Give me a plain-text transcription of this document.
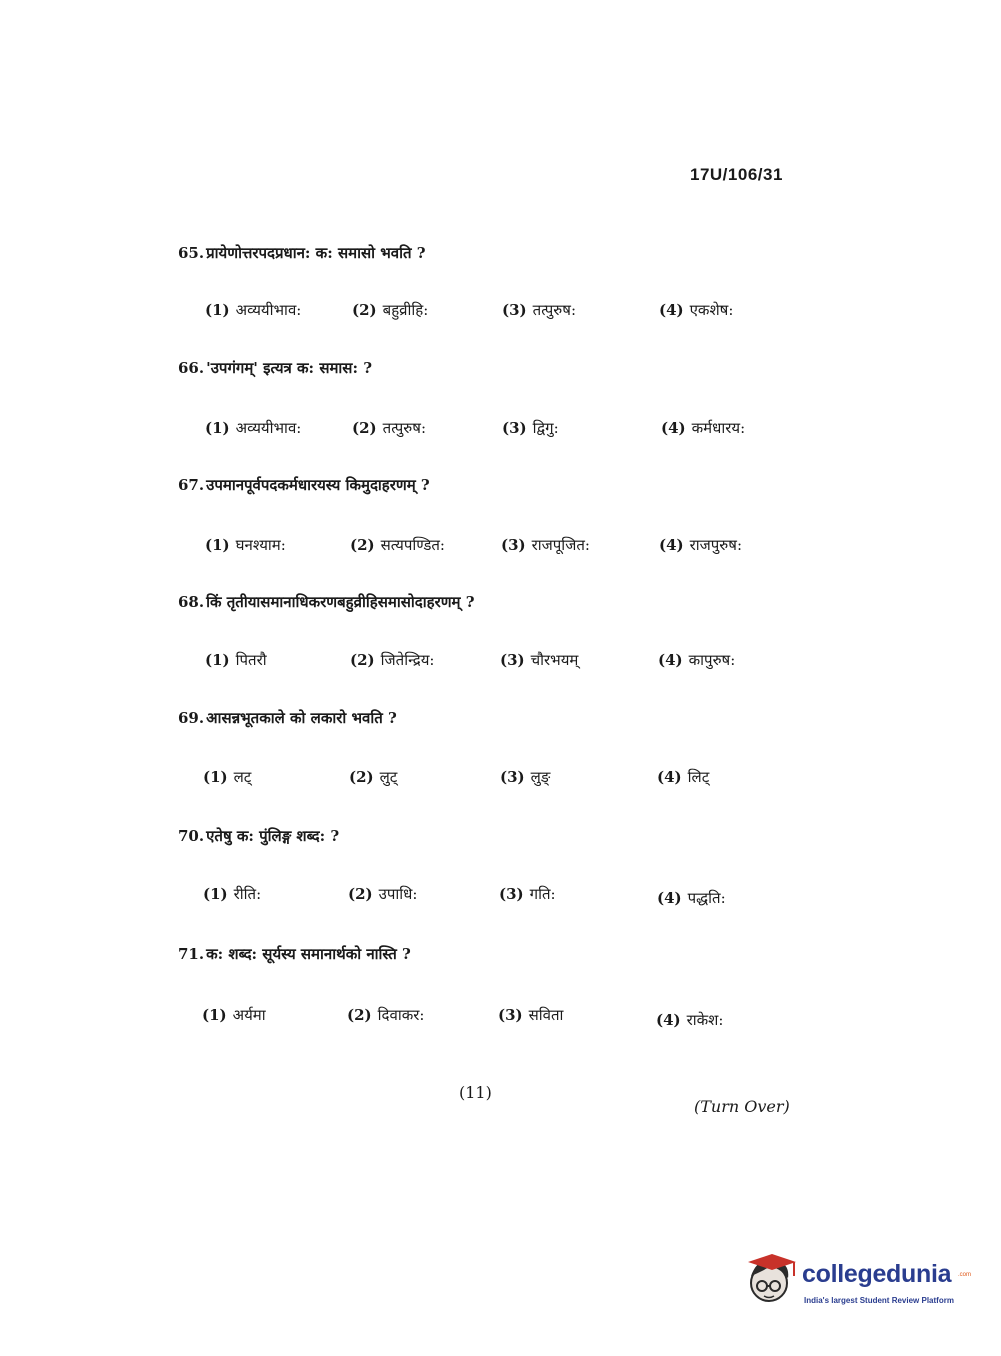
17U/106/31
65. प्रायेणोत्तरपदप्रधान: क: समासो भवति ?
(1) अव्ययीभाव:	(2) बहुव्रीहि:	(3) तत्पुरुष:	(4) एकशेष:
66. 'उपगंगम्' इत्यत्र क: समास: ?
(1) अव्ययीभाव:	(2) तत्पुरुष:	(3) द्विगु:	(4) कर्मधारय:
67. उपमानपूर्वपदकर्मधारयस्य किमुदाहरणम् ?
(1) घनश्याम:	(2) सत्यपण्डित:	(3) राजपूजित:	(4) राजपुरुष:
68. किं तृतीयासमानाधिकरणबहुव्रीहिसमासोदाहरणम् ?
(1) पितरौ	(2) जितेन्द्रिय:	(3) चौरभयम्	(4) कापुरुष:
69. आसन्नभूतकाले को लकारो भवति ?
(1) लट्	(2) लुट्	(3) लुङ्	(4) लिट्
70. एतेषु क: पुंलिङ्ग शब्द: ?
(1) रीति:	(2) उपाधि:	(3) गति:	(4) पद्धति:
71. क: शब्द: सूर्यस्य समानार्थको नास्ति ?
(1) अर्यमा	(2) दिवाकर:	(3) सविता	(4) राकेश:
(11)
(Turn Over)
collegedunia .com
India's largest Student Review Platform
